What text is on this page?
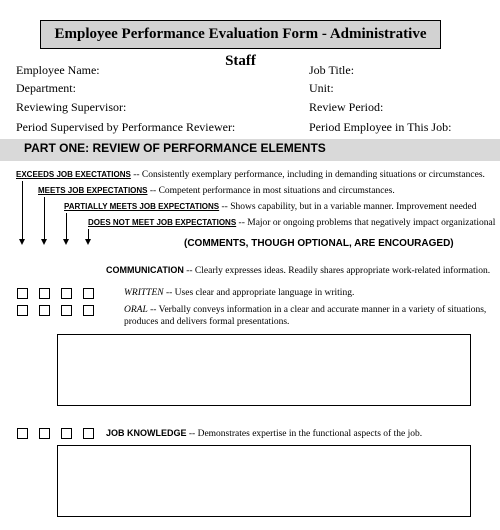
Employee Performance Evaluation Form - Administrative Staff
Employee Name:	Job Title:
Department:	Unit:
Reviewing Supervisor:	Review Period:
Period Supervised by Performance Reviewer:	Period Employee in This Job:
PART ONE: REVIEW OF PERFORMANCE ELEMENTS
EXCEEDS JOB EXECTATIONS -- Consistently exemplary performance, including in demanding situations or circumstances.
MEETS JOB EXPECTATIONS -- Competent performance in most situations and circumstances.
PARTIALLY MEETS JOB EXPECTATIONS -- Shows capability, but in a variable manner. Improvement needed
DOES NOT MEET JOB EXPECTATIONS -- Major or ongoing problems that negatively impact organizational
(COMMENTS, THOUGH OPTIONAL, ARE ENCOURAGED)
COMMUNICATION -- Clearly expresses ideas. Readily shares appropriate work-related information.
WRITTEN -- Uses clear and appropriate language in writing.
ORAL -- Verbally conveys information in a clear and accurate manner in a variety of situations,
produces and delivers formal presentations.
JOB KNOWLEDGE -- Demonstrates expertise in the functional aspects of the job.
